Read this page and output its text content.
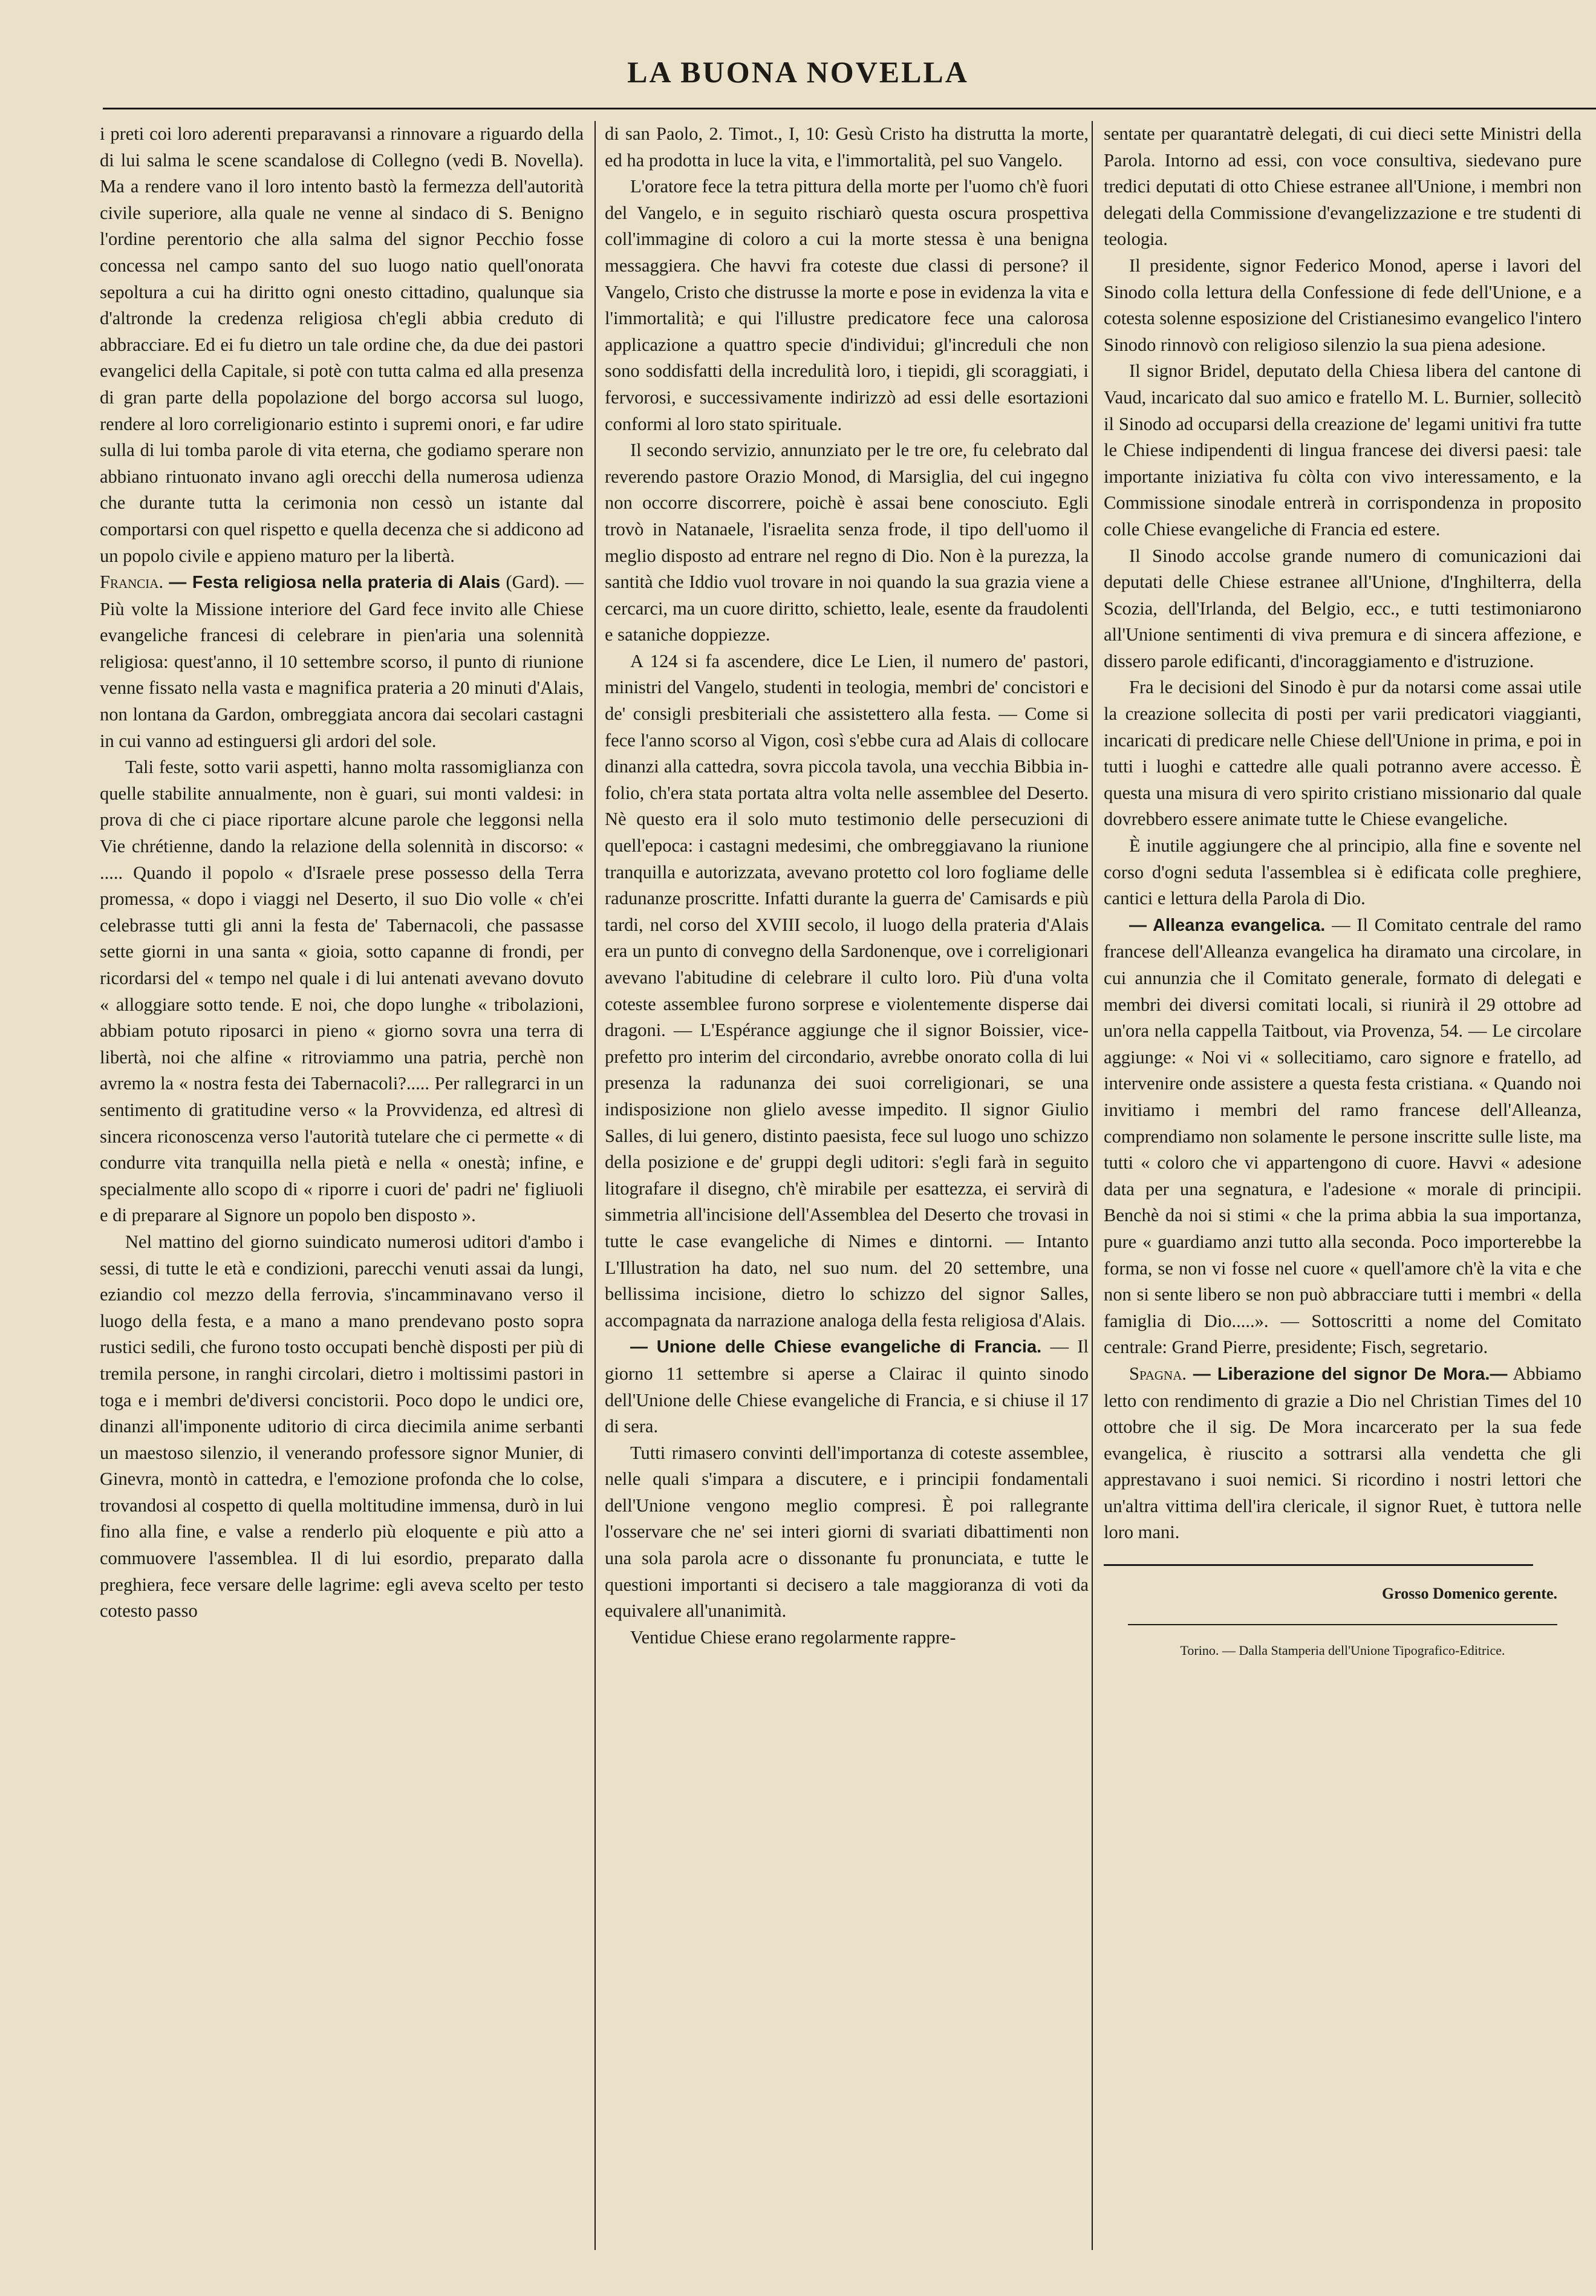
LA BUONA NOVELLA

i preti coi loro aderenti preparavansi a rinnovare a riguardo della di lui salma le scene scandalose di Collegno (vedi B. Novella). Ma a rendere vano il loro intento bastò la fermezza dell'autorità civile superiore, alla quale ne venne al sindaco di S. Benigno l'ordine perentorio che alla salma del signor Pecchio fosse concessa nel campo santo del suo luogo natio quell'onorata sepoltura a cui ha diritto ogni onesto cittadino, qualunque sia d'altronde la credenza religiosa ch'egli abbia creduto di abbracciare. Ed ei fu dietro un tale ordine che, da due dei pastori evangelici della Capitale, si potè con tutta calma ed alla presenza di gran parte della popolazione del borgo accorsa sul luogo, rendere al loro correligionario estinto i supremi onori, e far udire sulla di lui tomba parole di vita eterna, che godiamo sperare non abbiano rintuonato invano agli orecchi della numerosa udienza che durante tutta la cerimonia non cessò un istante dal comportarsi con quel rispetto e quella decenza che si addicono ad un popolo civile e appieno maturo per la libertà.

Francia. — Festa religiosa nella prateria di Alais (Gard). — Più volte la Missione interiore del Gard fece invito alle Chiese evangeliche francesi di celebrare in pien'aria una solennità religiosa: quest'anno, il 10 settembre scorso, il punto di riunione venne fissato nella vasta e magnifica prateria a 20 minuti d'Alais, non lontana da Gardon, ombreggiata ancora dai secolari castagni in cui vanno ad estinguersi gli ardori del sole.

Tali feste, sotto varii aspetti, hanno molta rassomiglianza con quelle stabilite annualmente, non è guari, sui monti valdesi: in prova di che ci piace riportare alcune parole che leggonsi nella Vie chrétienne, dando la relazione della solennità in discorso: « ..... Quando il popolo « d'Israele prese possesso della Terra promessa, « dopo i viaggi nel Deserto, il suo Dio volle « ch'ei celebrasse tutti gli anni la festa de' Tabernacoli, che passasse sette giorni in una santa « gioia, sotto capanne di frondi, per ricordarsi del « tempo nel quale i di lui antenati avevano dovuto « alloggiare sotto tende. E noi, che dopo lunghe « tribolazioni, abbiam potuto riposarci in pieno « giorno sovra una terra di libertà, noi che alfine « ritroviammo una patria, perchè non avremo la « nostra festa dei Tabernacoli?..... Per rallegrarci in un sentimento di gratitudine verso « la Provvidenza, ed altresì di sincera riconoscenza verso l'autorità tutelare che ci permette « di condurre vita tranquilla nella pietà e nella « onestà; infine, e specialmente allo scopo di « riporre i cuori de' padri ne' figliuoli e di preparare al Signore un popolo ben disposto ».

Nel mattino del giorno suindicato numerosi uditori d'ambo i sessi, di tutte le età e condizioni, parecchi venuti assai da lungi, eziandio col mezzo della ferrovia, s'incamminavano verso il luogo della festa, e a mano a mano prendevano posto sopra rustici sedili, che furono tosto occupati benchè disposti per più di tremila persone, in ranghi circolari, dietro i moltissimi pastori in toga e i membri de'diversi concistorii. Poco dopo le undici ore, dinanzi all'imponente uditorio di circa diecimila anime serbanti un maestoso silenzio, il venerando professore signor Munier, di Ginevra, montò in cattedra, e l'emozione profonda che lo colse, trovandosi al cospetto di quella moltitudine immensa, durò in lui fino alla fine, e valse a renderlo più eloquente e più atto a commuovere l'assemblea. Il di lui esordio, preparato dalla preghiera, fece versare delle lagrime: egli aveva scelto per testo cotesto passo

di san Paolo, 2. Timot., I, 10: Gesù Cristo ha distrutta la morte, ed ha prodotta in luce la vita, e l'immortalità, pel suo Vangelo.

L'oratore fece la tetra pittura della morte per l'uomo ch'è fuori del Vangelo, e in seguito rischiarò questa oscura prospettiva coll'immagine di coloro a cui la morte stessa è una benigna messaggiera. Che havvi fra coteste due classi di persone? il Vangelo, Cristo che distrusse la morte e pose in evidenza la vita e l'immortalità; e qui l'illustre predicatore fece una calorosa applicazione a quattro specie d'individui; gl'increduli che non sono soddisfatti della incredulità loro, i tiepidi, gli scoraggiati, i fervorosi, e successivamente indirizzò ad essi delle esortazioni conformi al loro stato spirituale.

Il secondo servizio, annunziato per le tre ore, fu celebrato dal reverendo pastore Orazio Monod, di Marsiglia, del cui ingegno non occorre discorrere, poichè è assai bene conosciuto. Egli trovò in Natanaele, l'israelita senza frode, il tipo dell'uomo il meglio disposto ad entrare nel regno di Dio. Non è la purezza, la santità che Iddio vuol trovare in noi quando la sua grazia viene a cercarci, ma un cuore diritto, schietto, leale, esente da fraudolenti e sataniche doppiezze.

A 124 si fa ascendere, dice Le Lien, il numero de' pastori, ministri del Vangelo, studenti in teologia, membri de' concistori e de' consigli presbiteriali che assistettero alla festa. — Come si fece l'anno scorso al Vigon, così s'ebbe cura ad Alais di collocare dinanzi alla cattedra, sovra piccola tavola, una vecchia Bibbia in-folio, ch'era stata portata altra volta nelle assemblee del Deserto. Nè questo era il solo muto testimonio delle persecuzioni di quell'epoca: i castagni medesimi, che ombreggiavano la riunione tranquilla e autorizzata, avevano protetto col loro fogliame delle radunanze proscritte. Infatti durante la guerra de' Camisards e più tardi, nel corso del XVIII secolo, il luogo della prateria d'Alais era un punto di convegno della Sardonenque, ove i correligionari avevano l'abitudine di celebrare il culto loro. Più d'una volta coteste assemblee furono sorprese e violentemente disperse dai dragoni. — L'Espérance aggiunge che il signor Boissier, vice-prefetto pro interim del circondario, avrebbe onorato colla di lui presenza la radunanza dei suoi correligionari, se una indisposizione non glielo avesse impedito. Il signor Giulio Salles, di lui genero, distinto paesista, fece sul luogo uno schizzo della posizione e de' gruppi degli uditori: s'egli farà in seguito litografare il disegno, ch'è mirabile per esattezza, ei servirà di simmetria all'incisione dell'Assemblea del Deserto che trovasi in tutte le case evangeliche di Nimes e dintorni. — Intanto L'Illustration ha dato, nel suo num. del 20 settembre, una bellissima incisione, dietro lo schizzo del signor Salles, accompagnata da narrazione analoga della festa religiosa d'Alais.

— Unione delle Chiese evangeliche di Francia. — Il giorno 11 settembre si aperse a Clairac il quinto sinodo dell'Unione delle Chiese evangeliche di Francia, e si chiuse il 17 di sera.

Tutti rimasero convinti dell'importanza di coteste assemblee, nelle quali s'impara a discutere, e i principii fondamentali dell'Unione vengono meglio compresi. È poi rallegrante l'osservare che ne' sei interi giorni di svariati dibattimenti non una sola parola acre o dissonante fu pronunciata, e tutte le questioni importanti si decisero a tale maggioranza di voti da equivalere all'unanimità.

Ventidue Chiese erano regolarmente rappre-

sentate per quarantatrè delegati, di cui dieci sette Ministri della Parola. Intorno ad essi, con voce consultiva, siedevano pure tredici deputati di otto Chiese estranee all'Unione, i membri non delegati della Commissione d'evangelizzazione e tre studenti di teologia.

Il presidente, signor Federico Monod, aperse i lavori del Sinodo colla lettura della Confessione di fede dell'Unione, e a cotesta solenne esposizione del Cristianesimo evangelico l'intero Sinodo rinnovò con religioso silenzio la sua piena adesione.

Il signor Bridel, deputato della Chiesa libera del cantone di Vaud, incaricato dal suo amico e fratello M. L. Burnier, sollecitò il Sinodo ad occuparsi della creazione de' legami unitivi fra tutte le Chiese indipendenti di lingua francese dei diversi paesi: tale importante iniziativa fu còlta con vivo interessamento, e la Commissione sinodale entrerà in corrispondenza in proposito colle Chiese evangeliche di Francia ed estere.

Il Sinodo accolse grande numero di comunicazioni dai deputati delle Chiese estranee all'Unione, d'Inghilterra, della Scozia, dell'Irlanda, del Belgio, ecc., e tutti testimoniarono all'Unione sentimenti di viva premura e di sincera affezione, e dissero parole edificanti, d'incoraggiamento e d'istruzione.

Fra le decisioni del Sinodo è pur da notarsi come assai utile la creazione sollecita di posti per varii predicatori viaggianti, incaricati di predicare nelle Chiese dell'Unione in prima, e poi in tutti i luoghi e cattedre alle quali potranno avere accesso. È questa una misura di vero spirito cristiano missionario dal quale dovrebbero essere animate tutte le Chiese evangeliche.

È inutile aggiungere che al principio, alla fine e sovente nel corso d'ogni seduta l'assemblea si è edificata colle preghiere, cantici e lettura della Parola di Dio.

— Alleanza evangelica. — Il Comitato centrale del ramo francese dell'Alleanza evangelica ha diramato una circolare, in cui annunzia che il Comitato generale, formato di delegati e membri dei diversi comitati locali, si riunirà il 29 ottobre ad un'ora nella cappella Taitbout, via Provenza, 54. — Le circolare aggiunge: « Noi vi « sollecitiamo, caro signore e fratello, ad intervenire onde assistere a questa festa cristiana. « Quando noi invitiamo i membri del ramo francese dell'Alleanza, comprendiamo non solamente le persone inscritte sulle liste, ma tutti « coloro che vi appartengono di cuore. Havvi « adesione data per una segnatura, e l'adesione « morale di principii. Benchè da noi si stimi « che la prima abbia la sua importanza, pure « guardiamo anzi tutto alla seconda. Poco importerebbe la forma, se non vi fosse nel cuore « quell'amore ch'è la vita e che non si sente libero se non può abbracciare tutti i membri « della famiglia di Dio.....». — Sottoscritti a nome del Comitato centrale: Grand Pierre, presidente; Fisch, segretario.

Spagna. — Liberazione del signor De Mora.— Abbiamo letto con rendimento di grazie a Dio nel Christian Times del 10 ottobre che il sig. De Mora incarcerato per la sua fede evangelica, è riuscito a sottrarsi alla vendetta che gli apprestavano i suoi nemici. Si ricordino i nostri lettori che un'altra vittima dell'ira clericale, il signor Ruet, è tuttora nelle loro mani.

Grosso Domenico gerente.
Torino. — Dalla Stamperia dell'Unione Tipografico-Editrice.
